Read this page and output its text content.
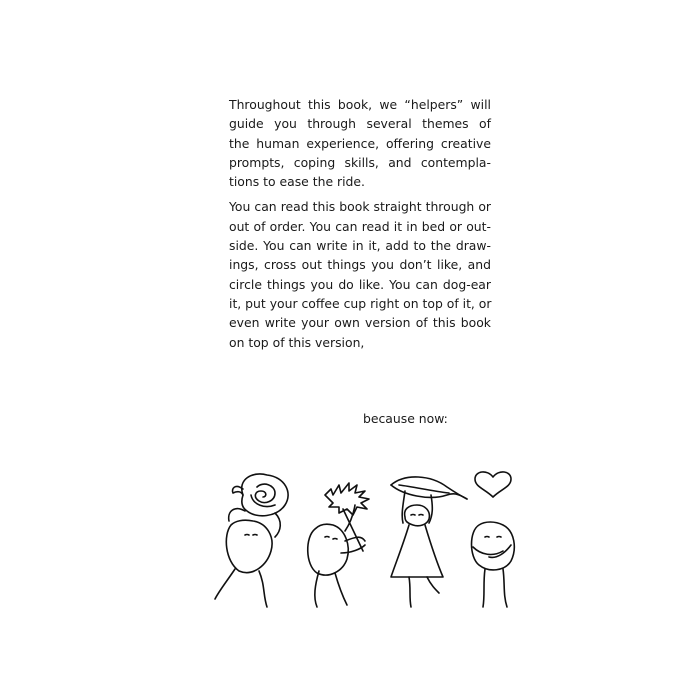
Throughout this book, we “helpers” will
guide you through several themes of
the human experience, offering creative
prompts, coping skills, and contempla-
tions to ease the ride.
You can read this book straight through or
out of order. You can read it in bed or out-
side. You can write in it, add to the draw-
ings, cross out things you don’t like, and
circle things you do like. You can dog-ear
it, put your coffee cup right on top of it, or
even write your own version of this book
on top of this version,
because now:
